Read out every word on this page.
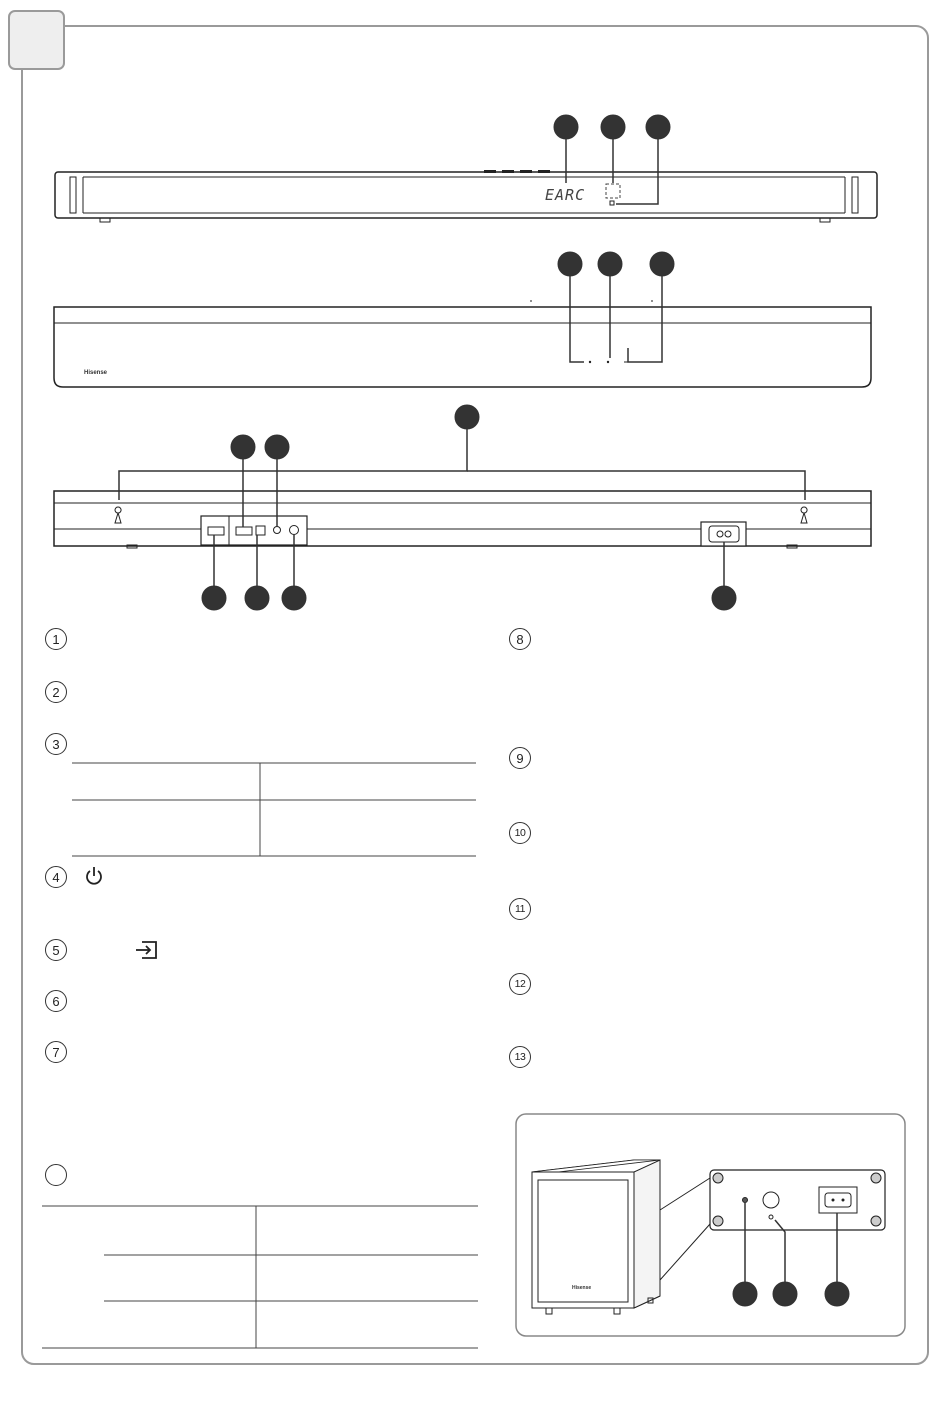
EARC
Hisense
Hisense
1
2
3
4
5
6
7
8
9
10
11
12
13
